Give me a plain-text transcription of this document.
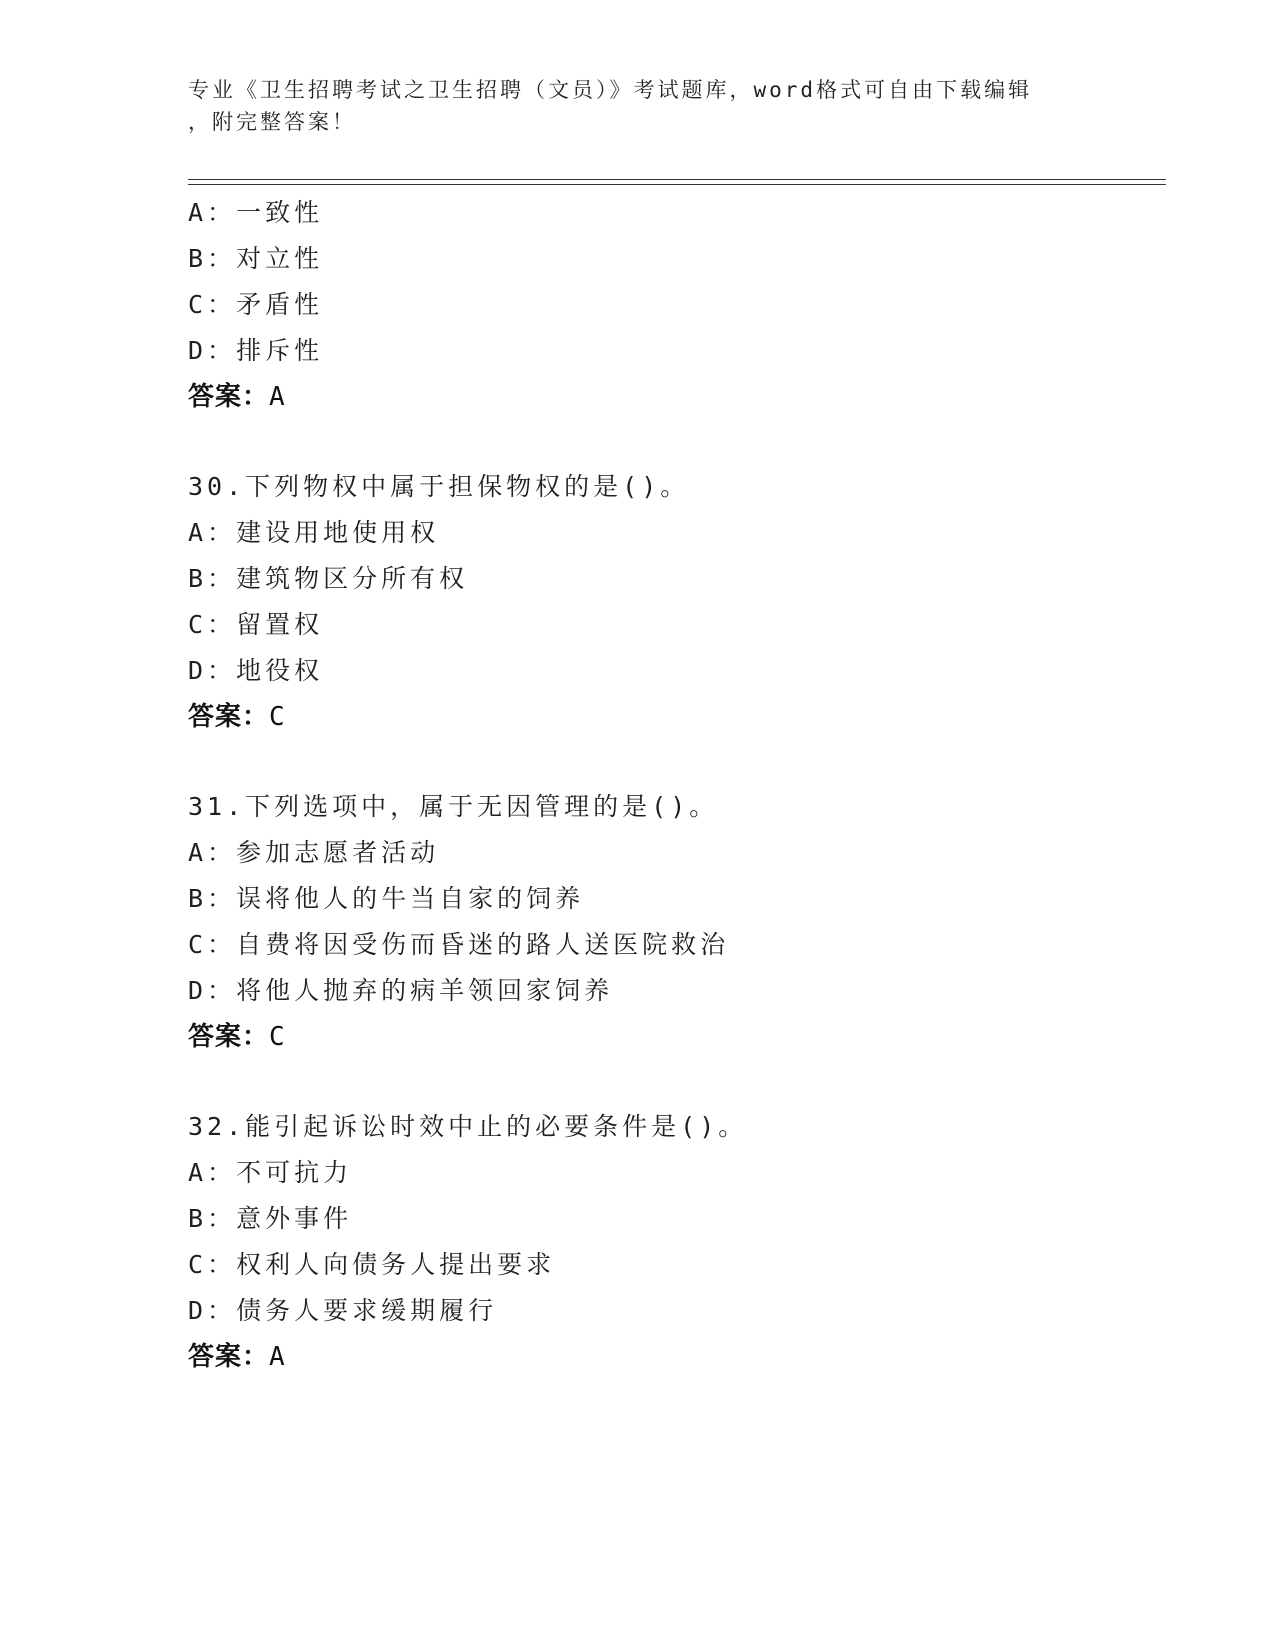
专业《卫生招聘考试之卫生招聘（文员）》考试题库，word格式可自由下载编辑
，附完整答案！
A：一致性
B：对立性
C：矛盾性
D：排斥性
答案：A
30.下列物权中属于担保物权的是()。
A：建设用地使用权
B：建筑物区分所有权
C：留置权
D：地役权
答案：C
31.下列选项中，属于无因管理的是()。
A：参加志愿者活动
B：误将他人的牛当自家的饲养
C：自费将因受伤而昏迷的路人送医院救治
D：将他人抛弃的病羊领回家饲养
答案：C
32.能引起诉讼时效中止的必要条件是()。
A：不可抗力
B：意外事件
C：权利人向债务人提出要求
D：债务人要求缓期履行
答案：A
